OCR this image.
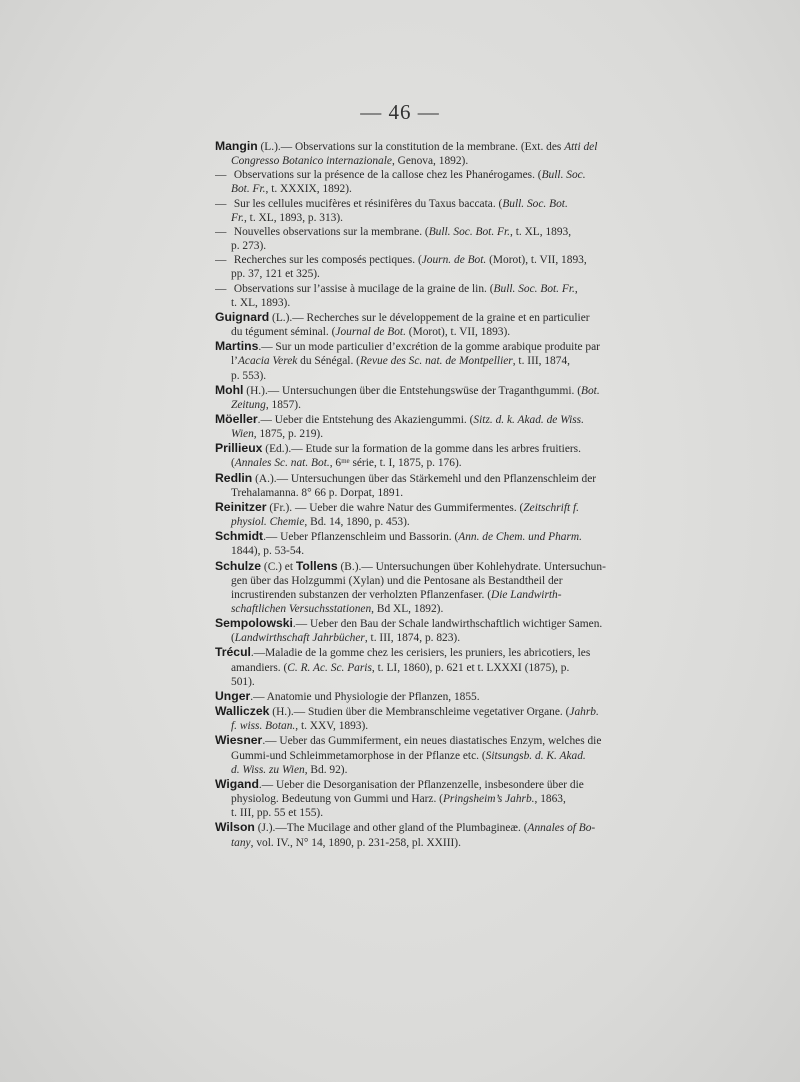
— 46 —
Mangin (L.).— Observations sur la constitution de la membrane. (Ext. des Atti del
Congresso Botanico internazionale, Genova, 1892).
— Observations sur la présence de la callose chez les Phanérogames. (Bull. Soc.
Bot. Fr., t. XXXIX, 1892).
— Sur les cellules mucifères et résinifères du Taxus baccata. (Bull. Soc. Bot.
Fr., t. XL, 1893, p. 313).
— Nouvelles observations sur la membrane. (Bull. Soc. Bot. Fr., t. XL, 1893,
p. 273).
— Recherches sur les composés pectiques. (Journ. de Bot. (Morot), t. VII, 1893,
pp. 37, 121 et 325).
— Observations sur l’assise à mucilage de la graine de lin. (Bull. Soc. Bot. Fr.,
t. XL, 1893).
Guignard (L.).— Recherches sur le développement de la graine et en particulier
du tégument séminal. (Journal de Bot. (Morot), t. VII, 1893).
Martins.— Sur un mode particulier d’excrétion de la gomme arabique produite par
l’Acacia Verek du Sénégal. (Revue des Sc. nat. de Montpellier, t. III, 1874,
p. 553).
Mohl (H.).— Untersuchungen über die Entstehungswüse der Traganthgummi. (Bot.
Zeitung, 1857).
Möeller.— Ueber die Entstehung des Akaziengummi. (Sitz. d. k. Akad. de Wiss.
Wien, 1875, p. 219).
Prillieux (Ed.).— Etude sur la formation de la gomme dans les arbres fruitiers.
(Annales Sc. nat. Bot., 6ᵐᵉ série, t. I, 1875, p. 176).
Redlin (A.).— Untersuchungen über das Stärkemehl und den Pflanzenschleim der
Trehalamanna. 8° 66 p. Dorpat, 1891.
Reinitzer (Fr.). — Ueber die wahre Natur des Gummifermentes. (Zeitschrift f.
physiol. Chemie, Bd. 14, 1890, p. 453).
Schmidt.— Ueber Pflanzenschleim und Bassorin. (Ann. de Chem. und Pharm.
1844), p. 53-54.
Schulze (C.) et Tollens (B.).— Untersuchungen über Kohlehydrate. Untersuchun-
gen über das Holzgummi (Xylan) und die Pentosane als Bestandtheil der
incrustirenden substanzen der verholzten Pflanzenfaser. (Die Landwirth-
schaftlichen Versuchsstationen, Bd XL, 1892).
Sempolowski.— Ueber den Bau der Schale landwirthschaftlich wichtiger Samen.
(Landwirthschaft Jahrbücher, t. III, 1874, p. 823).
Trécul.—Maladie de la gomme chez les cerisiers, les pruniers, les abricotiers, les
amandiers. (C. R. Ac. Sc. Paris, t. LI, 1860), p. 621 et t. LXXXI (1875), p.
501).
Unger.— Anatomie und Physiologie der Pflanzen, 1855.
Walliczek (H.).— Studien über die Membranschleime vegetativer Organe. (Jahrb.
f. wiss. Botan., t. XXV, 1893).
Wiesner.— Ueber das Gummiferment, ein neues diastatisches Enzym, welches die
Gummi-und Schleimmetamorphose in der Pflanze etc. (Sitsungsb. d. K. Akad.
d. Wiss. zu Wien, Bd. 92).
Wigand.— Ueber die Desorganisation der Pflanzenzelle, insbesondere über die
physiolog. Bedeutung von Gummi und Harz. (Pringsheim’s Jahrb., 1863,
t. III, pp. 55 et 155).
Wilson (J.).—The Mucilage and other gland of the Plumbagineæ. (Annales of Bo-
tany, vol. IV., N° 14, 1890, p. 231-258, pl. XXIII).
